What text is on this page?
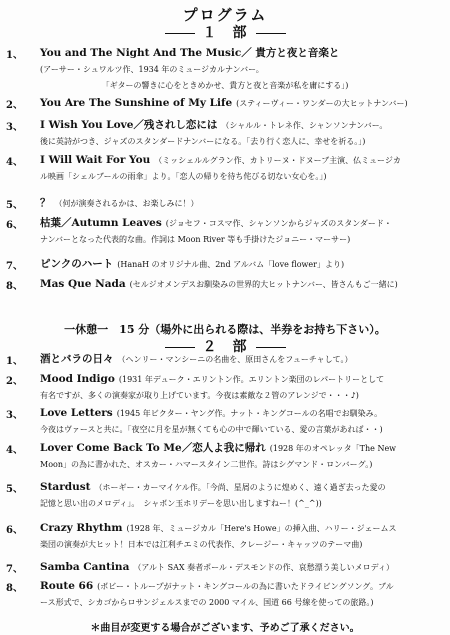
プログラム
１　部
1、 You and The Night And The Music／ 貴方と夜と音楽と
(アーサー・シュワルツ作、1934 年のミュージカルナンバー。
「ギターの響きに心をときめかせ、貴方と夜と音楽が私を庸にする」)
2、 You Are The Sunshine of My Life (スティーヴィー・ワンダーの大ヒットナンバー)
3、 I Wish You Love／残されし恋には （シャルル・トレネ作、シャンソンナンバー。
後に英詩がつき、ジャズのスタンダードナンバーになる。「去り行く恋人に、幸せを祈る。」)
4、 I Will Wait For You （ミッシェルルグラン作、カトリーヌ・ドヌーブ主演、仏ミュージカ
ル映画「シェルブールの雨傘」より。「恋人の帰りを待ち侘びる切ない女心を。」)
5、 ？ （何が演奏されるかは、お楽しみに！）
6、 枯葉／Autumn Leaves (ジョセフ・コスマ作、シャンソンからジャズのスタンダード・
ナンバーとなった代表的な曲。作詞は Moon River 等も手掛けたジョニー・マーサー)
7、 ピンクのハート (HanaH のオリジナル曲、2nd アルバム「love flower」より)
8、 Mas Que Nada (セルジオメンデスお馴染みの世界的大ヒットナンバー、皆さんもご一緒に)
一休憩一　15 分（場外に出られる際は、半券をお持ち下さい）。
２　部
1、 酒とバラの日々 （ヘンリー・マンシーニの名曲を、原田さんをフューチャして。）
2、 Mood Indigo (1931 年デューク・エリントン作。エリントン楽団のレパートリーとして
有名ですが、多くの演奏家が取り上げています。今夜は素敵な２管のアレンジで・・・♪)
3、 Love Letters (1945 年ビクター・ヤング作。ナット・キングコールの名唱でお馴染み。
今夜はヴァースと共に。「夜空に月を星が無くても心の中で輝いている、愛の言葉があれば・・)
4、 Lover Come Back To Me／恋人よ我に帰れ (1928 年のオペレッタ「The New
Moon」の為に書かれた、オスカー・ハマースタイン二世作。詩はシグマンド・ロンバーグ。)
5、 Stardust （ホーギー・カーマイケル作。「今尚、星屑のように煌めく、遠く過ぎ去った愛の
記憶と思い出のメロディ」。　シャボン玉ホリデーを思い出しますねー！(^_^))
6、 Crazy Rhythm (1928 年、ミュージカル「Here's Howe」の挿入曲、ハリー・ジェームス
楽団の演奏が大ヒット！日本では江利チエミの代表作、クレージー・キャッツのテーマ曲)
7、 Samba Cantina （アルト SAX 奏者ポール・デスモンドの作、哀愁漂う美しいメロディ）
8、 Route 66 (ボビー・トループがナット・キングコールの為に書いたドライビングソング。ブル
ース形式で、シカゴからロサンジェルスまでの 2000 マイル、国道 66 号線を使っての旅路。)
＊曲目が変更する場合がございます、予めご了承ください。
